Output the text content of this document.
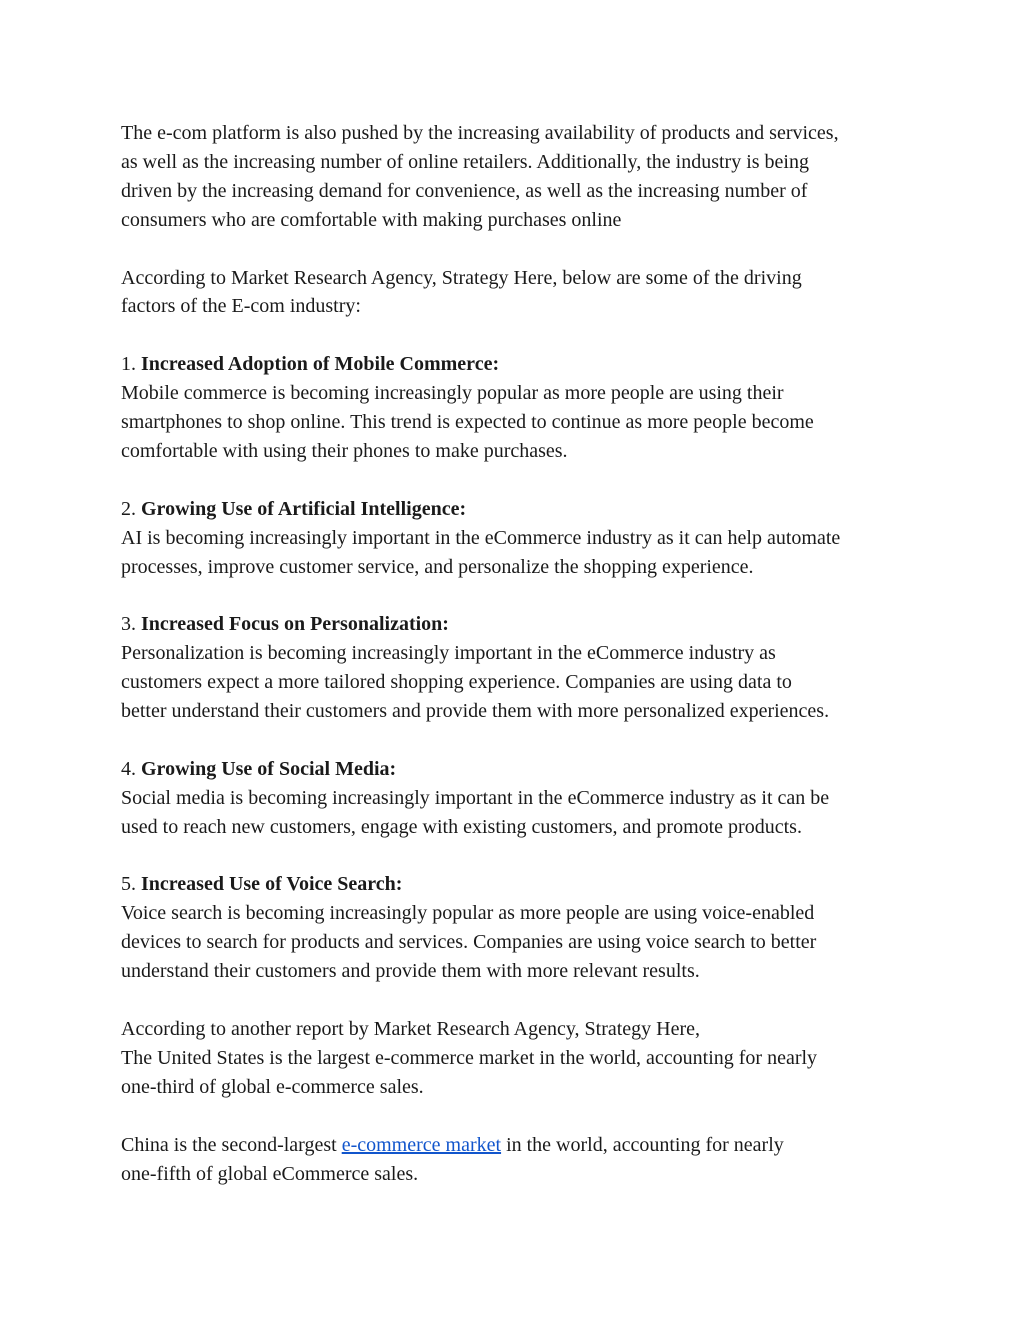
The e-com platform is also pushed by the increasing availability of products and services,
as well as the increasing number of online retailers. Additionally, the industry is being
driven by the increasing demand for convenience, as well as the increasing number of
consumers who are comfortable with making purchases online

According to Market Research Agency, Strategy Here, below are some of the driving
factors of the E-com industry:

1. Increased Adoption of Mobile Commerce:
Mobile commerce is becoming increasingly popular as more people are using their
smartphones to shop online. This trend is expected to continue as more people become
comfortable with using their phones to make purchases.

2. Growing Use of Artificial Intelligence:
AI is becoming increasingly important in the eCommerce industry as it can help automate
processes, improve customer service, and personalize the shopping experience.

3. Increased Focus on Personalization:
Personalization is becoming increasingly important in the eCommerce industry as
customers expect a more tailored shopping experience. Companies are using data to
better understand their customers and provide them with more personalized experiences.

4. Growing Use of Social Media:
Social media is becoming increasingly important in the eCommerce industry as it can be
used to reach new customers, engage with existing customers, and promote products.

5. Increased Use of Voice Search:
Voice search is becoming increasingly popular as more people are using voice-enabled
devices to search for products and services. Companies are using voice search to better
understand their customers and provide them with more relevant results.

According to another report by Market Research Agency, Strategy Here,
The United States is the largest e-commerce market in the world, accounting for nearly
one-third of global e-commerce sales.

China is the second-largest e-commerce market in the world, accounting for nearly
one-fifth of global eCommerce sales.
